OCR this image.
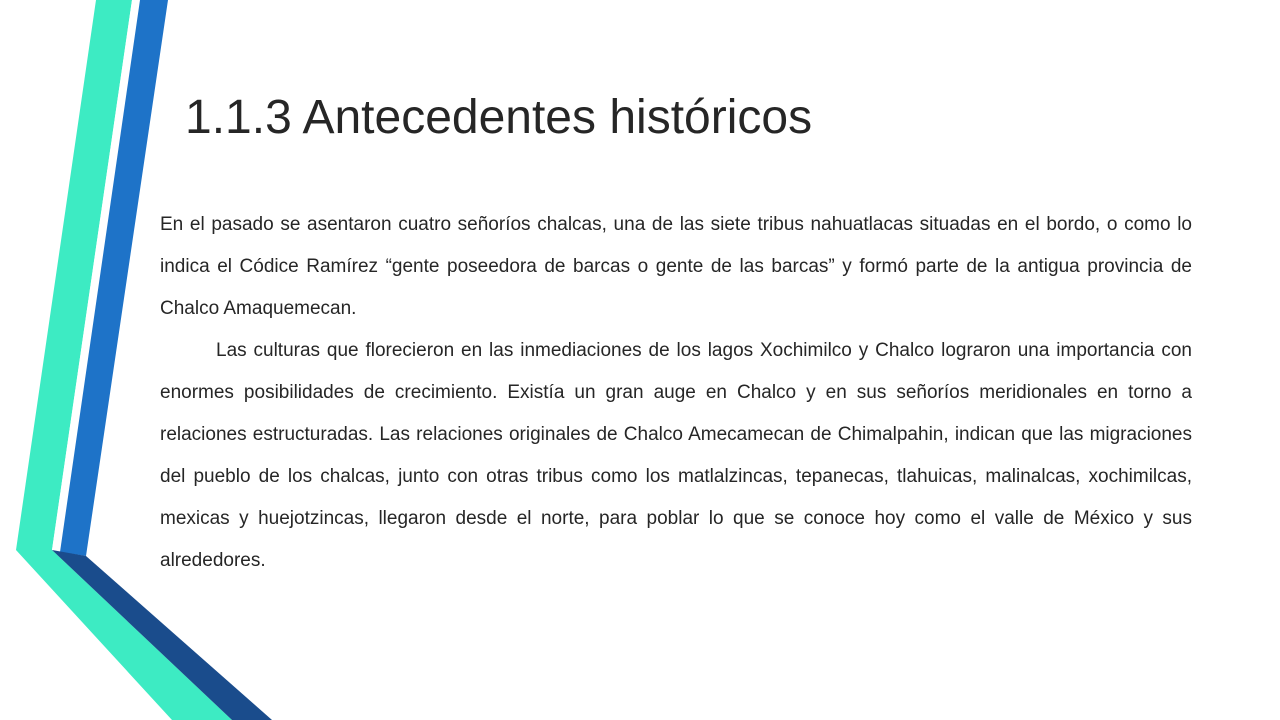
1.1.3 Antecedentes históricos

En el pasado se asentaron cuatro señoríos chalcas, una de las siete tribus nahuatlacas situadas en el bordo, o como lo indica el Códice Ramírez “gente poseedora de barcas o gente de las barcas” y formó parte de la antigua provincia de Chalco Amaquemecan.

Las culturas que florecieron en las inmediaciones de los lagos Xochimilco y Chalco lograron una importancia con enormes posibilidades de crecimiento. Existía un gran auge en Chalco y en sus señoríos meridionales en torno a relaciones estructuradas. Las relaciones originales de Chalco Amecamecan de Chimalpahin, indican que las migraciones del pueblo de los chalcas, junto con otras tribus como los matlalzincas, tepanecas, tlahuicas, malinalcas, xochimilcas, mexicas y huejotzincas, llegaron desde el norte, para poblar lo que se conoce hoy como el valle de México y sus alrededores.
